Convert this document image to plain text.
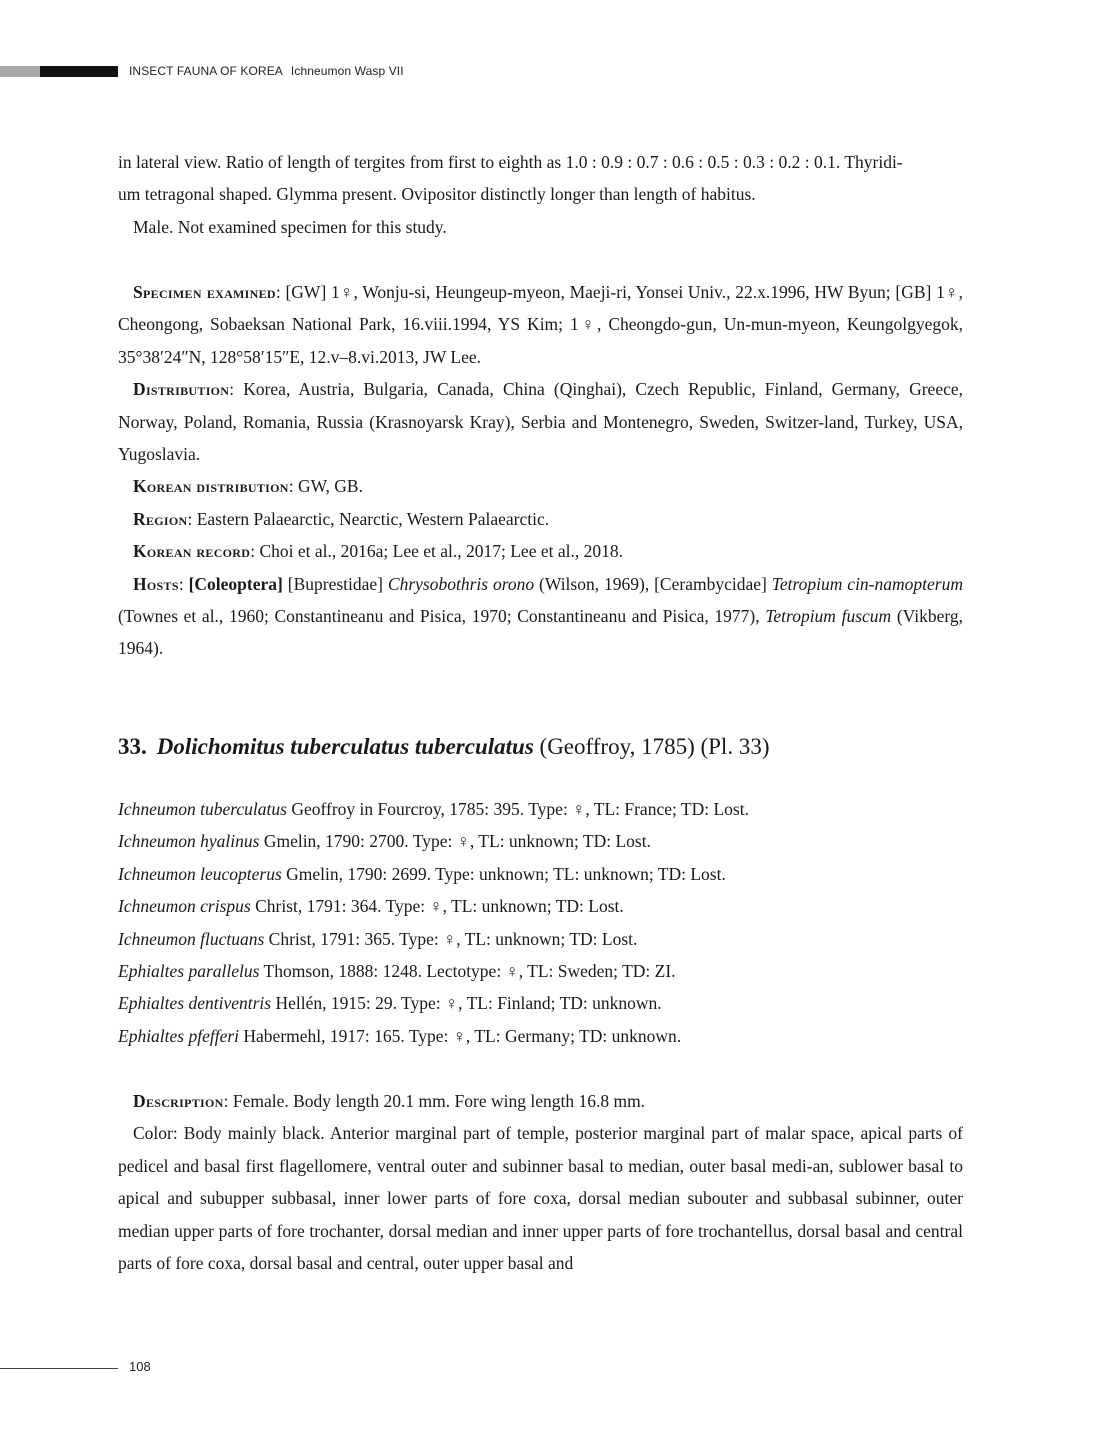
INSECT FAUNA OF KOREA Ichneumon Wasp VII

in lateral view. Ratio of length of tergites from first to eighth as 1.0 : 0.9 : 0.7 : 0.6 : 0.5 : 0.3 : 0.2 : 0.1. Thyridi-

um tetragonal shaped. Glymma present. Ovipositor distinctly longer than length of habitus.

Male. Not examined specimen for this study.

Specimen examined: [GW] 1♀, Wonju-si, Heungeup-myeon, Maeji-ri, Yonsei Univ., 22.x.1996, HW Byun; [GB] 1♀, Cheongong, Sobaeksan National Park, 16.viii.1994, YS Kim; 1♀, Cheongdo-gun, Un-mun-myeon, Keungolgyegok, 35°38′24″N, 128°58′15″E, 12.v–8.vi.2013, JW Lee.

Distribution: Korea, Austria, Bulgaria, Canada, China (Qinghai), Czech Republic, Finland, Germany, Greece, Norway, Poland, Romania, Russia (Krasnoyarsk Kray), Serbia and Montenegro, Sweden, Switzer-land, Turkey, USA, Yugoslavia.

Korean distribution: GW, GB.

Region: Eastern Palaearctic, Nearctic, Western Palaearctic.

Korean record: Choi et al., 2016a; Lee et al., 2017; Lee et al., 2018.

Hosts: [Coleoptera] [Buprestidae] Chrysobothris orono (Wilson, 1969), [Cerambycidae] Tetropium cin-namopterum (Townes et al., 1960; Constantineanu and Pisica, 1970; Constantineanu and Pisica, 1977), Tetropium fuscum (Vikberg, 1964).

33. Dolichomitus tuberculatus tuberculatus (Geoffroy, 1785) (Pl. 33)

Ichneumon tuberculatus Geoffroy in Fourcroy, 1785: 395. Type: ♀, TL: France; TD: Lost.

Ichneumon hyalinus Gmelin, 1790: 2700. Type: ♀, TL: unknown; TD: Lost.

Ichneumon leucopterus Gmelin, 1790: 2699. Type: unknown; TL: unknown; TD: Lost.

Ichneumon crispus Christ, 1791: 364. Type: ♀, TL: unknown; TD: Lost.

Ichneumon fluctuans Christ, 1791: 365. Type: ♀, TL: unknown; TD: Lost.

Ephialtes parallelus Thomson, 1888: 1248. Lectotype: ♀, TL: Sweden; TD: ZI.

Ephialtes dentiventris Hellén, 1915: 29. Type: ♀, TL: Finland; TD: unknown.

Ephialtes pfefferi Habermehl, 1917: 165. Type: ♀, TL: Germany; TD: unknown.

Description: Female. Body length 20.1 mm. Fore wing length 16.8 mm.

Color: Body mainly black. Anterior marginal part of temple, posterior marginal part of malar space, apical parts of pedicel and basal first flagellomere, ventral outer and subinner basal to median, outer basal medi-an, sublower basal to apical and subupper subbasal, inner lower parts of fore coxa, dorsal median subouter and subbasal subinner, outer median upper parts of fore trochanter, dorsal median and inner upper parts of fore trochantellus, dorsal basal and central parts of fore coxa, dorsal basal and central, outer upper basal and

108
